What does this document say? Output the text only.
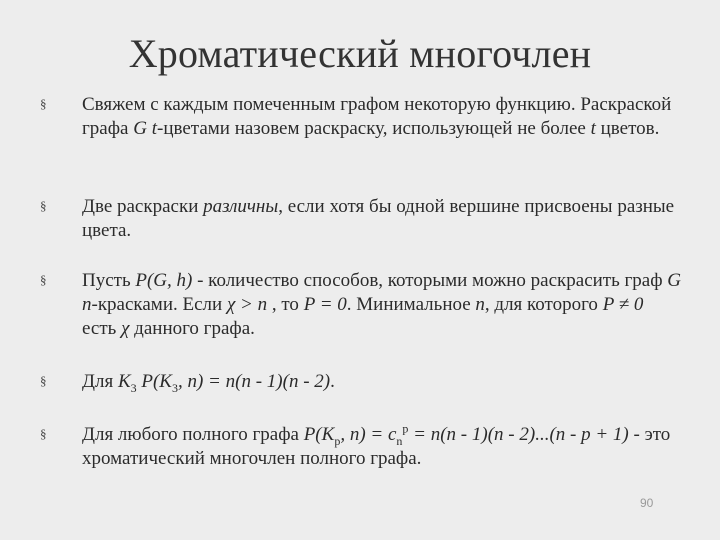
Хроматический многочлен
§ Свяжем с каждым помеченным графом некоторую функцию. Раскраской графа G t-цветами назовем раскраску, использующей не более t цветов.
§ Две раскраски различны, если хотя бы одной вершине присвоены разные цвета.
§ Пусть P(G, h) - количество способов, которыми можно раскрасить граф G n-красками. Если χ > n , то P = 0. Минимальное n, для которого P ≠ 0 есть χ данного графа.
§ Для $K_3$ $P(K_3$, n) = n(n - 1)(n - 2).
§ Для любого полного графа $P(K_p$, $n) = c_n^p = n(n - 1)(n - 2)...(n - p + 1)$ - это хроматический многочлен полного графа.
90
